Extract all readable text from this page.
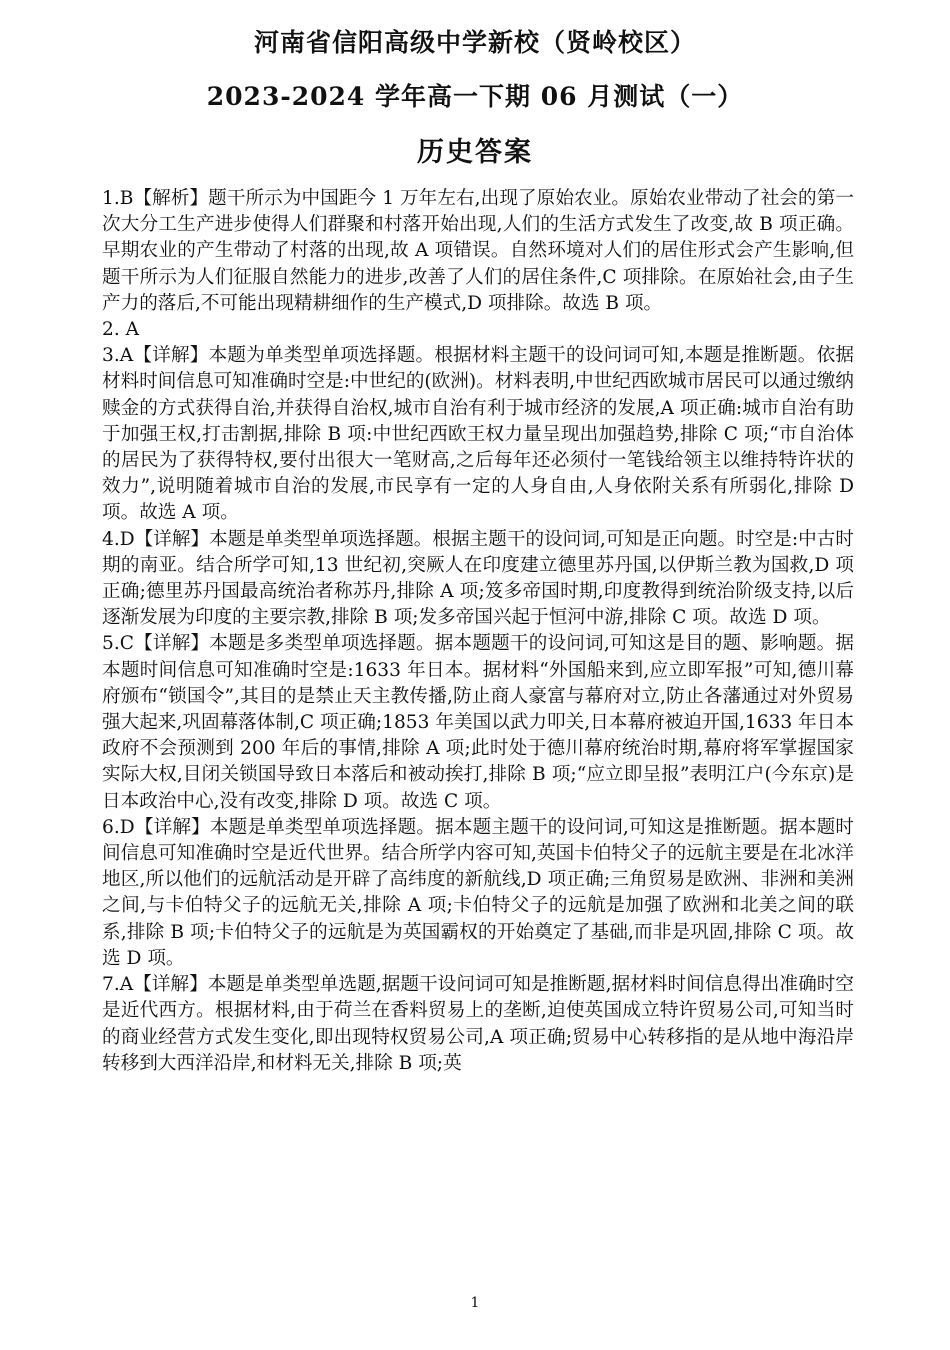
河南省信阳高级中学新校（贤岭校区）

2023-2024 学年高一下期 06 月测试（一）

历史答案

1.B【解析】题干所示为中国距今 1 万年左右,出现了原始农业。原始农业带动了社会的第一次大分工生产进步使得人们群聚和村落开始出现,人们的生活方式发生了改变,故 B 项正确。早期农业的产生带动了村落的出现,故 A 项错误。自然环境对人们的居住形式会产生影响,但题干所示为人们征服自然能力的进步,改善了人们的居住条件,C 项排除。在原始社会,由子生产力的落后,不可能出现精耕细作的生产模式,D 项排除。故选 B 项。

2. A

3.A【详解】本题为单类型单项选择题。根据材料主题干的设问词可知,本题是推断题。依据材料时间信息可知准确时空是:中世纪的(欧洲)。材料表明,中世纪西欧城市居民可以通过缴纳赎金的方式获得自治,并获得自治权,城市自治有利于城市经济的发展,A 项正确:城市自治有助于加强王权,打击割据,排除 B 项:中世纪西欧王权力量呈现出加强趋势,排除 C 项;“市自治体的居民为了获得特权,要付出很大一笔财高,之后每年还必须付一笔钱给领主以维持特许状的效力”,说明随着城市自治的发展,市民享有一定的人身自由,人身依附关系有所弱化,排除 D 项。故选 A 项。

4.D【详解】本题是单类型单项选择题。根据主题干的设问词,可知是正向题。时空是:中古时期的南亚。结合所学可知,13 世纪初,突厥人在印度建立德里苏丹国,以伊斯兰教为国救,D 项正确;德里苏丹国最高统治者称苏丹,排除 A 项;笈多帝国时期,印度教得到统治阶级支持,以后逐渐发展为印度的主要宗教,排除 B 项;发多帝国兴起于恒河中游,排除 C 项。故选 D 项。

5.C【详解】本题是多类型单项选择题。据本题题干的设问词,可知这是目的题、影响题。据本题时间信息可知准确时空是:1633 年日本。据材料“外国船来到,应立即军报”可知,德川幕府颁布“锁国令”,其目的是禁止天主教传播,防止商人豪富与幕府对立,防止各藩通过对外贸易强大起来,巩固幕落体制,C 项正确;1853 年美国以武力叩关,日本幕府被迫开国,1633 年日本政府不会预测到 200 年后的事情,排除 A 项;此时处于德川幕府统治时期,幕府将军掌握国家实际大权,目闭关锁国导致日本落后和被动挨打,排除 B 项;“应立即呈报”表明江户(今东京)是日本政治中心,没有改变,排除 D 项。故选 C 项。

6.D【详解】本题是单类型单项选择题。据本题主题干的设问词,可知这是推断题。据本题时间信息可知准确时空是近代世界。结合所学内容可知,英国卡伯特父子的远航主要是在北冰洋地区,所以他们的远航活动是开辟了高纬度的新航线,D 项正确;三角贸易是欧洲、非洲和美洲之间,与卡伯特父子的远航无关,排除 A 项;卡伯特父子的远航是加强了欧洲和北美之间的联系,排除 B 项;卡伯特父子的远航是为英国霸权的开始奠定了基础,而非是巩固,排除 C 项。故选 D 项。

7.A【详解】本题是单类型单选题,据题干设问词可知是推断题,据材料时间信息得出准确时空是近代西方。根据材料,由于荷兰在香料贸易上的垄断,迫使英国成立特许贸易公司,可知当时的商业经营方式发生变化,即出现特权贸易公司,A 项正确;贸易中心转移指的是从地中海沿岸转移到大西洋沿岸,和材料无关,排除 B 项;英

1
